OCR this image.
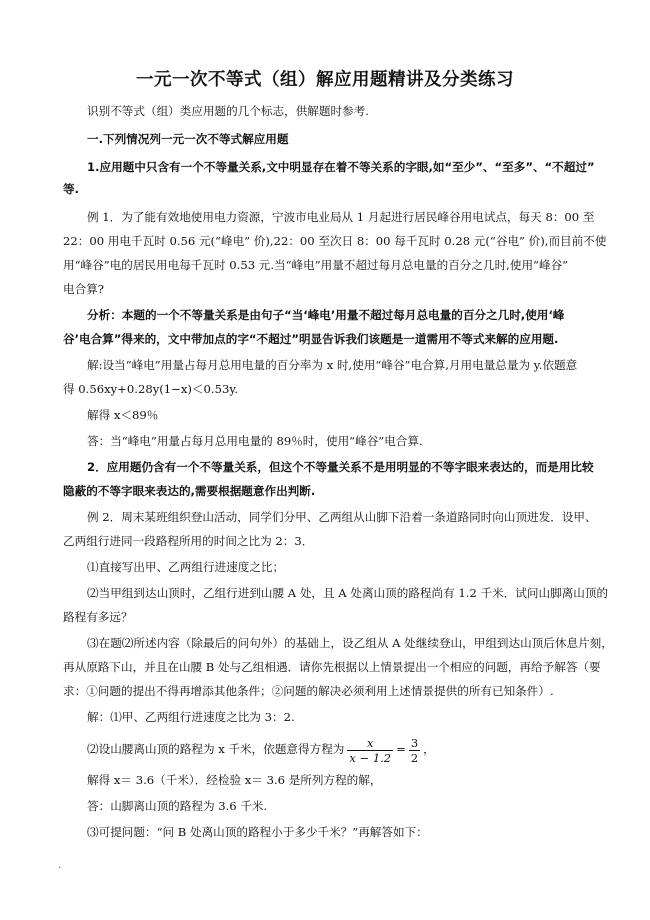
一元一次不等式（组）解应用题精讲及分类练习
识别不等式（组）类应用题的几个标志，供解题时参考.
一.下列情况列一元一次不等式解应用题
1.应用题中只含有一个不等量关系,文中明显存在着不等关系的字眼,如“至少”、“至多”、“不超过”
等.
例 1．为了能有效地使用电力资源，宁波市电业局从 1 月起进行居民峰谷用电试点，每天 8：00 至
22：00 用电千瓦时 0.56 元(“峰电” 价),22：00 至次日 8：00 每千瓦时 0.28 元(“谷电” 价),而目前不使
用“峰谷”电的居民用电每千瓦时 0.53 元.当“峰电”用量不超过每月总电量的百分之几时,使用“峰谷”
电合算?
分析：本题的一个不等量关系是由句子“当‘峰电’用量不超过每月总电量的百分之几时,使用‘峰
谷’电合算”得来的，文中带加点的字“不超过”明显告诉我们该题是一道需用不等式来解的应用题.
解:设当“峰电”用量占每月总用电量的百分率为 x 时,使用“峰谷”电合算,月用电量总量为 y.依题意
得 0.56xy+0.28y(1−x)＜0.53y.
解得 x＜89％
答：当“峰电”用量占每月总用电量的 89％时，使用“峰谷”电合算.
2．应用题仍含有一个不等量关系，但这个不等量关系不是用明显的不等字眼来表达的，而是用比较
隐蔽的不等字眼来表达的,需要根据题意作出判断.
例 2．周末某班组织登山活动，同学们分甲、乙两组从山脚下沿着一条道路同时向山顶进发．设甲、
乙两组行进同一段路程所用的时间之比为 2：3．
⑴直接写出甲、乙两组行进速度之比；
⑵当甲组到达山顶时，乙组行进到山腰 A 处，且 A 处离山顶的路程尚有 1.2 千米．试问山脚离山顶的
路程有多远？
⑶在题⑵所述内容（除最后的问句外）的基础上，设乙组从 A 处继续登山，甲组到达山顶后休息片刻，
再从原路下山，并且在山腰 B 处与乙组相遇．请你先根据以上情景提出一个相应的问题，再给予解答（要
求：①问题的提出不得再增添其他条件；②问题的解决必须利用上述情景提供的所有已知条件）.
解：⑴甲、乙两组行进速度之比为 3：2.
⑵设山腰离山顶的路程为 x 千米，依题意得方程为 $\frac{x}{x - 1.2} = \frac{3}{2}$ ，
解得 x＝ 3.6（千米）．经检验 x＝ 3.6 是所列方程的解，
答：山脚离山顶的路程为 3.6 千米.
⑶可提问题：“问 B 处离山顶的路程小于多少千米？”再解答如下：
.
